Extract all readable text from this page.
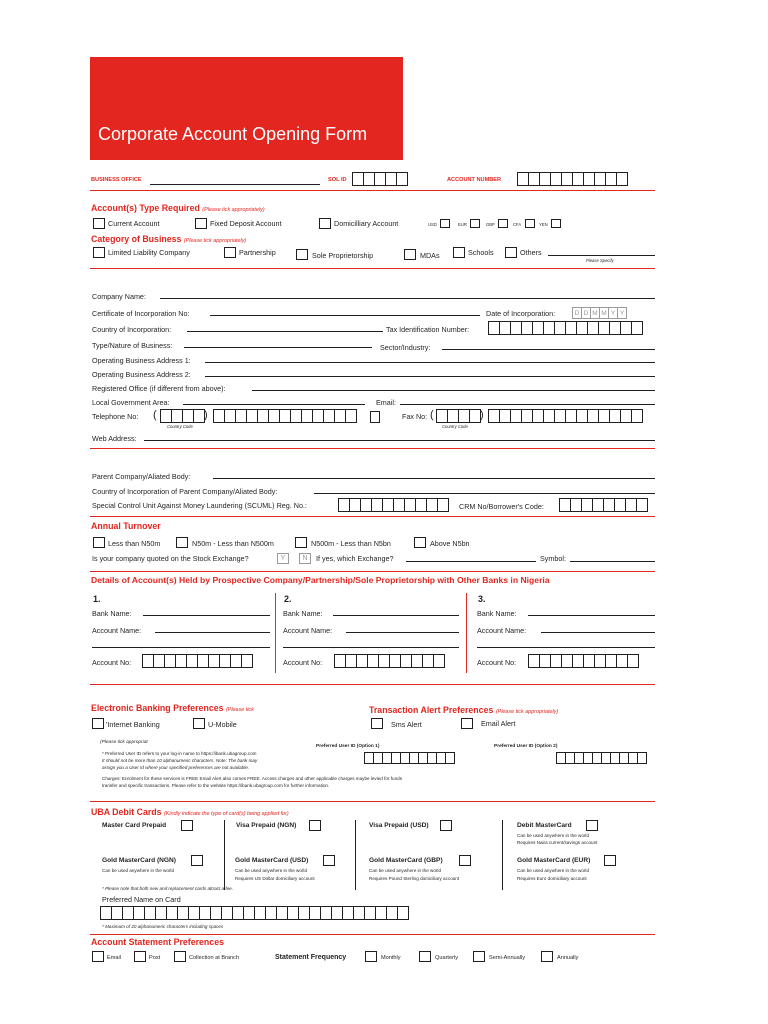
Corporate Account Opening Form
BUSINESS OFFICE	SOL ID	ACCOUNT NUMBER
Account(s) Type Required (Please tick appropriately)
Current Account	Fixed Deposit Account	Domicilliary Account	USD	EUR	GBP	CFA	YEN
Category of Business (Please tick appropriately)
Limited Liability Company	Partnership	Sole Proprietorship	MDAs	Schools	Others
Please Specify
Company Name:
Certificate of Incorporation No:	Date of Incorporation:	D D M M Y Y
Country of Incorporation:	Tax Identification Number:
Type/Nature of Business:	Sector/Industry:
Operating Business Address 1:
Operating Business Address 2:
Registered Office (if different from above):
Local Government Area:	Email:
Telephone No: (	)
Country Code
Fax No: (	)
Country Code
Web Address:
Parent Company/Aliated Body:
Country of Incorporation of Parent Company/Aliated Body:
Special Control Unit Against Money Laundering (SCUML) Reg. No.:	CRM No/Borrower's Code:
Annual Turnover
Less than N50m	N50m - Less than N500m	N500m - Less than N5bn	Above N5bn
Is your company quoted on the Stock Exchange?	Y	N	If yes, which Exchange?	Symbol:
Details of Account(s) Held by Prospective Company/Partnership/Sole Proprietorship with Other Banks in Nigeria
1.
Bank Name:
Account Name:
Account No:
2.
Bank Name:
Account Name:
Account No:
3.
Bank Name:
Account Name:
Account No:
Electronic Banking Preferences (Please tick
'Internet Banking	U-Mobile
(Please tick appropriat
Transaction Alert Preferences (Please tick appropriately)
Sms Alert	Email Alert
Preferred User ID (Option 1)	Preferred User ID (Option 2)
* Preferred User ID refers to your log-in name to https://ibank.ubagroup.com
It should not be more than 10 alphanumeric characters. Note: The bank may
assign you a User Id where your specified preferences are not available.
Charges: Enrolment for these services is FREE Email Alert also comes FREE. Access charges and other applicable charges maybe levied for funds
transfer and specific transactions. Please refer to the website https://ibank.ubagroup.com for further information.
UBA Debit Cards (Kindly indicate the type of card(s) being applied for)
Master Card Prepaid	Visa Prepaid (NGN)	Visa Prepaid (USD)	Debit MasterCard
Can be used anywhere in the world
Requires Naira current/savings account
Gold MasterCard (NGN)
Can be used anywhere in the world
Gold MasterCard (USD)
Can be used anywhere in the world
Requires US Dollar domiciliary account
Gold MasterCard (GBP)
Can be used anywhere in the world
Requires Pound Sterling domiciliary account
Gold MasterCard (EUR)
Can be used anywhere in the world
Requires Euro domiciliary account
* Please note that both new and replacement cards attract a fee.
Preferred Name on Card
* Maximum of 20 alphanumeric characters including spaces
Account Statement Preferences
Email	Post	Collection at Branch	Statement Frequency	Monthly	Quarterly	Semi-Annually	Annually
